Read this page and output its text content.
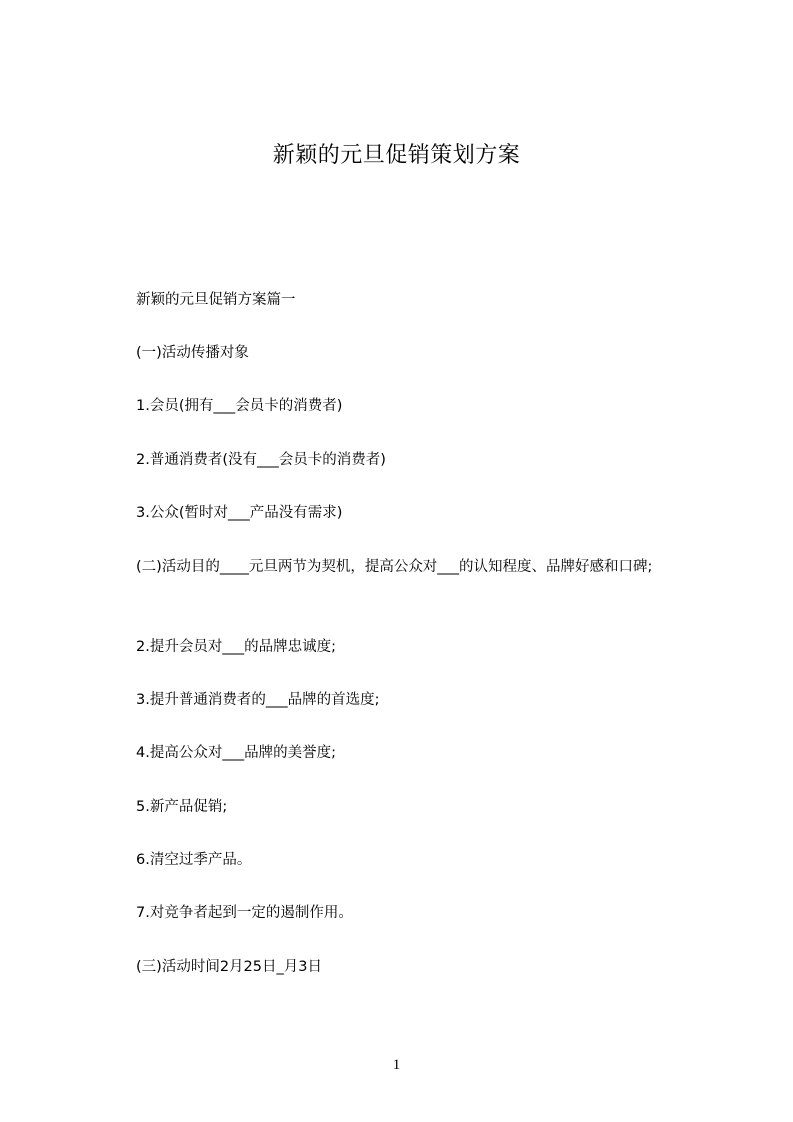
新颖的元旦促销策划方案
新颖的元旦促销方案篇一
(一)活动传播对象
1.会员(拥有___会员卡的消费者)
2.普通消费者(没有___会员卡的消费者)
3.公众(暂时对___产品没有需求)
(二)活动目的____元旦两节为契机，提高公众对___的认知程度、品牌好感和口碑;
2.提升会员对___的品牌忠诚度;
3.提升普通消费者的___品牌的首选度;
4.提高公众对___品牌的美誉度;
5.新产品促销;
6.清空过季产品。
7.对竞争者起到一定的遏制作用。
(三)活动时间2月25日_月3日
1
